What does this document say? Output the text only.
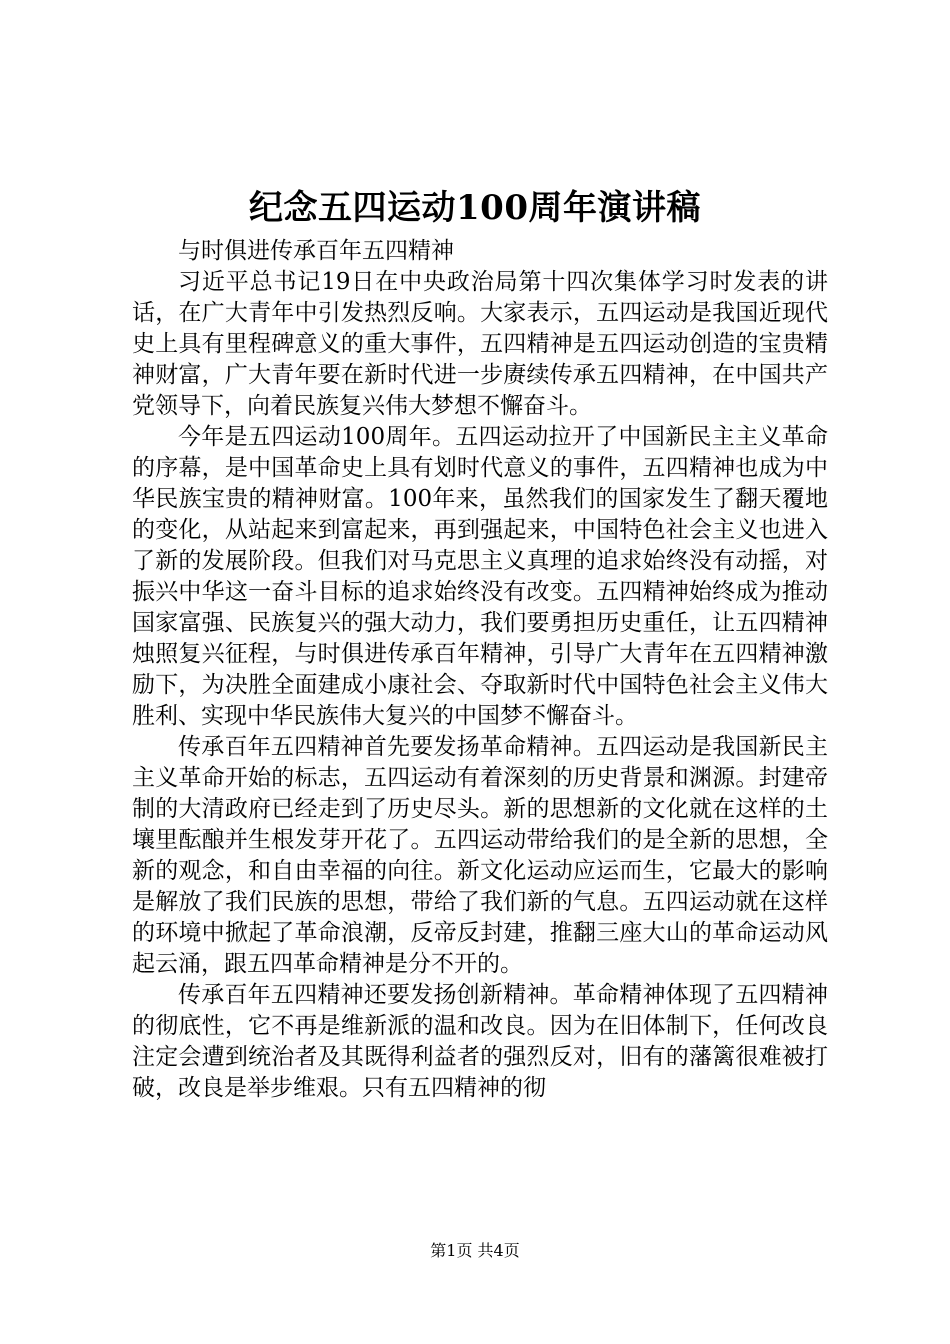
纪念五四运动100周年演讲稿

与时俱进传承百年五四精神

习近平总书记19日在中央政治局第十四次集体学习时发表的讲话，在广大青年中引发热烈反响。大家表示，五四运动是我国近现代史上具有里程碑意义的重大事件，五四精神是五四运动创造的宝贵精神财富，广大青年要在新时代进一步赓续传承五四精神，在中国共产党领导下，向着民族复兴伟大梦想不懈奋斗。

今年是五四运动100周年。五四运动拉开了中国新民主主义革命的序幕，是中国革命史上具有划时代意义的事件，五四精神也成为中华民族宝贵的精神财富。100年来，虽然我们的国家发生了翻天覆地的变化，从站起来到富起来，再到强起来，中国特色社会主义也进入了新的发展阶段。但我们对马克思主义真理的追求始终没有动摇，对振兴中华这一奋斗目标的追求始终没有改变。五四精神始终成为推动国家富强、民族复兴的强大动力，我们要勇担历史重任，让五四精神烛照复兴征程，与时俱进传承百年精神，引导广大青年在五四精神激励下，为决胜全面建成小康社会、夺取新时代中国特色社会主义伟大胜利、实现中华民族伟大复兴的中国梦不懈奋斗。

传承百年五四精神首先要发扬革命精神。五四运动是我国新民主主义革命开始的标志，五四运动有着深刻的历史背景和渊源。封建帝制的大清政府已经走到了历史尽头。新的思想新的文化就在这样的土壤里酝酿并生根发芽开花了。五四运动带给我们的是全新的思想，全新的观念，和自由幸福的向往。新文化运动应运而生，它最大的影响是解放了我们民族的思想，带给了我们新的气息。五四运动就在这样的环境中掀起了革命浪潮，反帝反封建，推翻三座大山的革命运动风起云涌，跟五四革命精神是分不开的。

传承百年五四精神还要发扬创新精神。革命精神体现了五四精神的彻底性，它不再是维新派的温和改良。因为在旧体制下，任何改良注定会遭到统治者及其既得利益者的强烈反对，旧有的藩篱很难被打破，改良是举步维艰。只有五四精神的彻

第1页 共4页
